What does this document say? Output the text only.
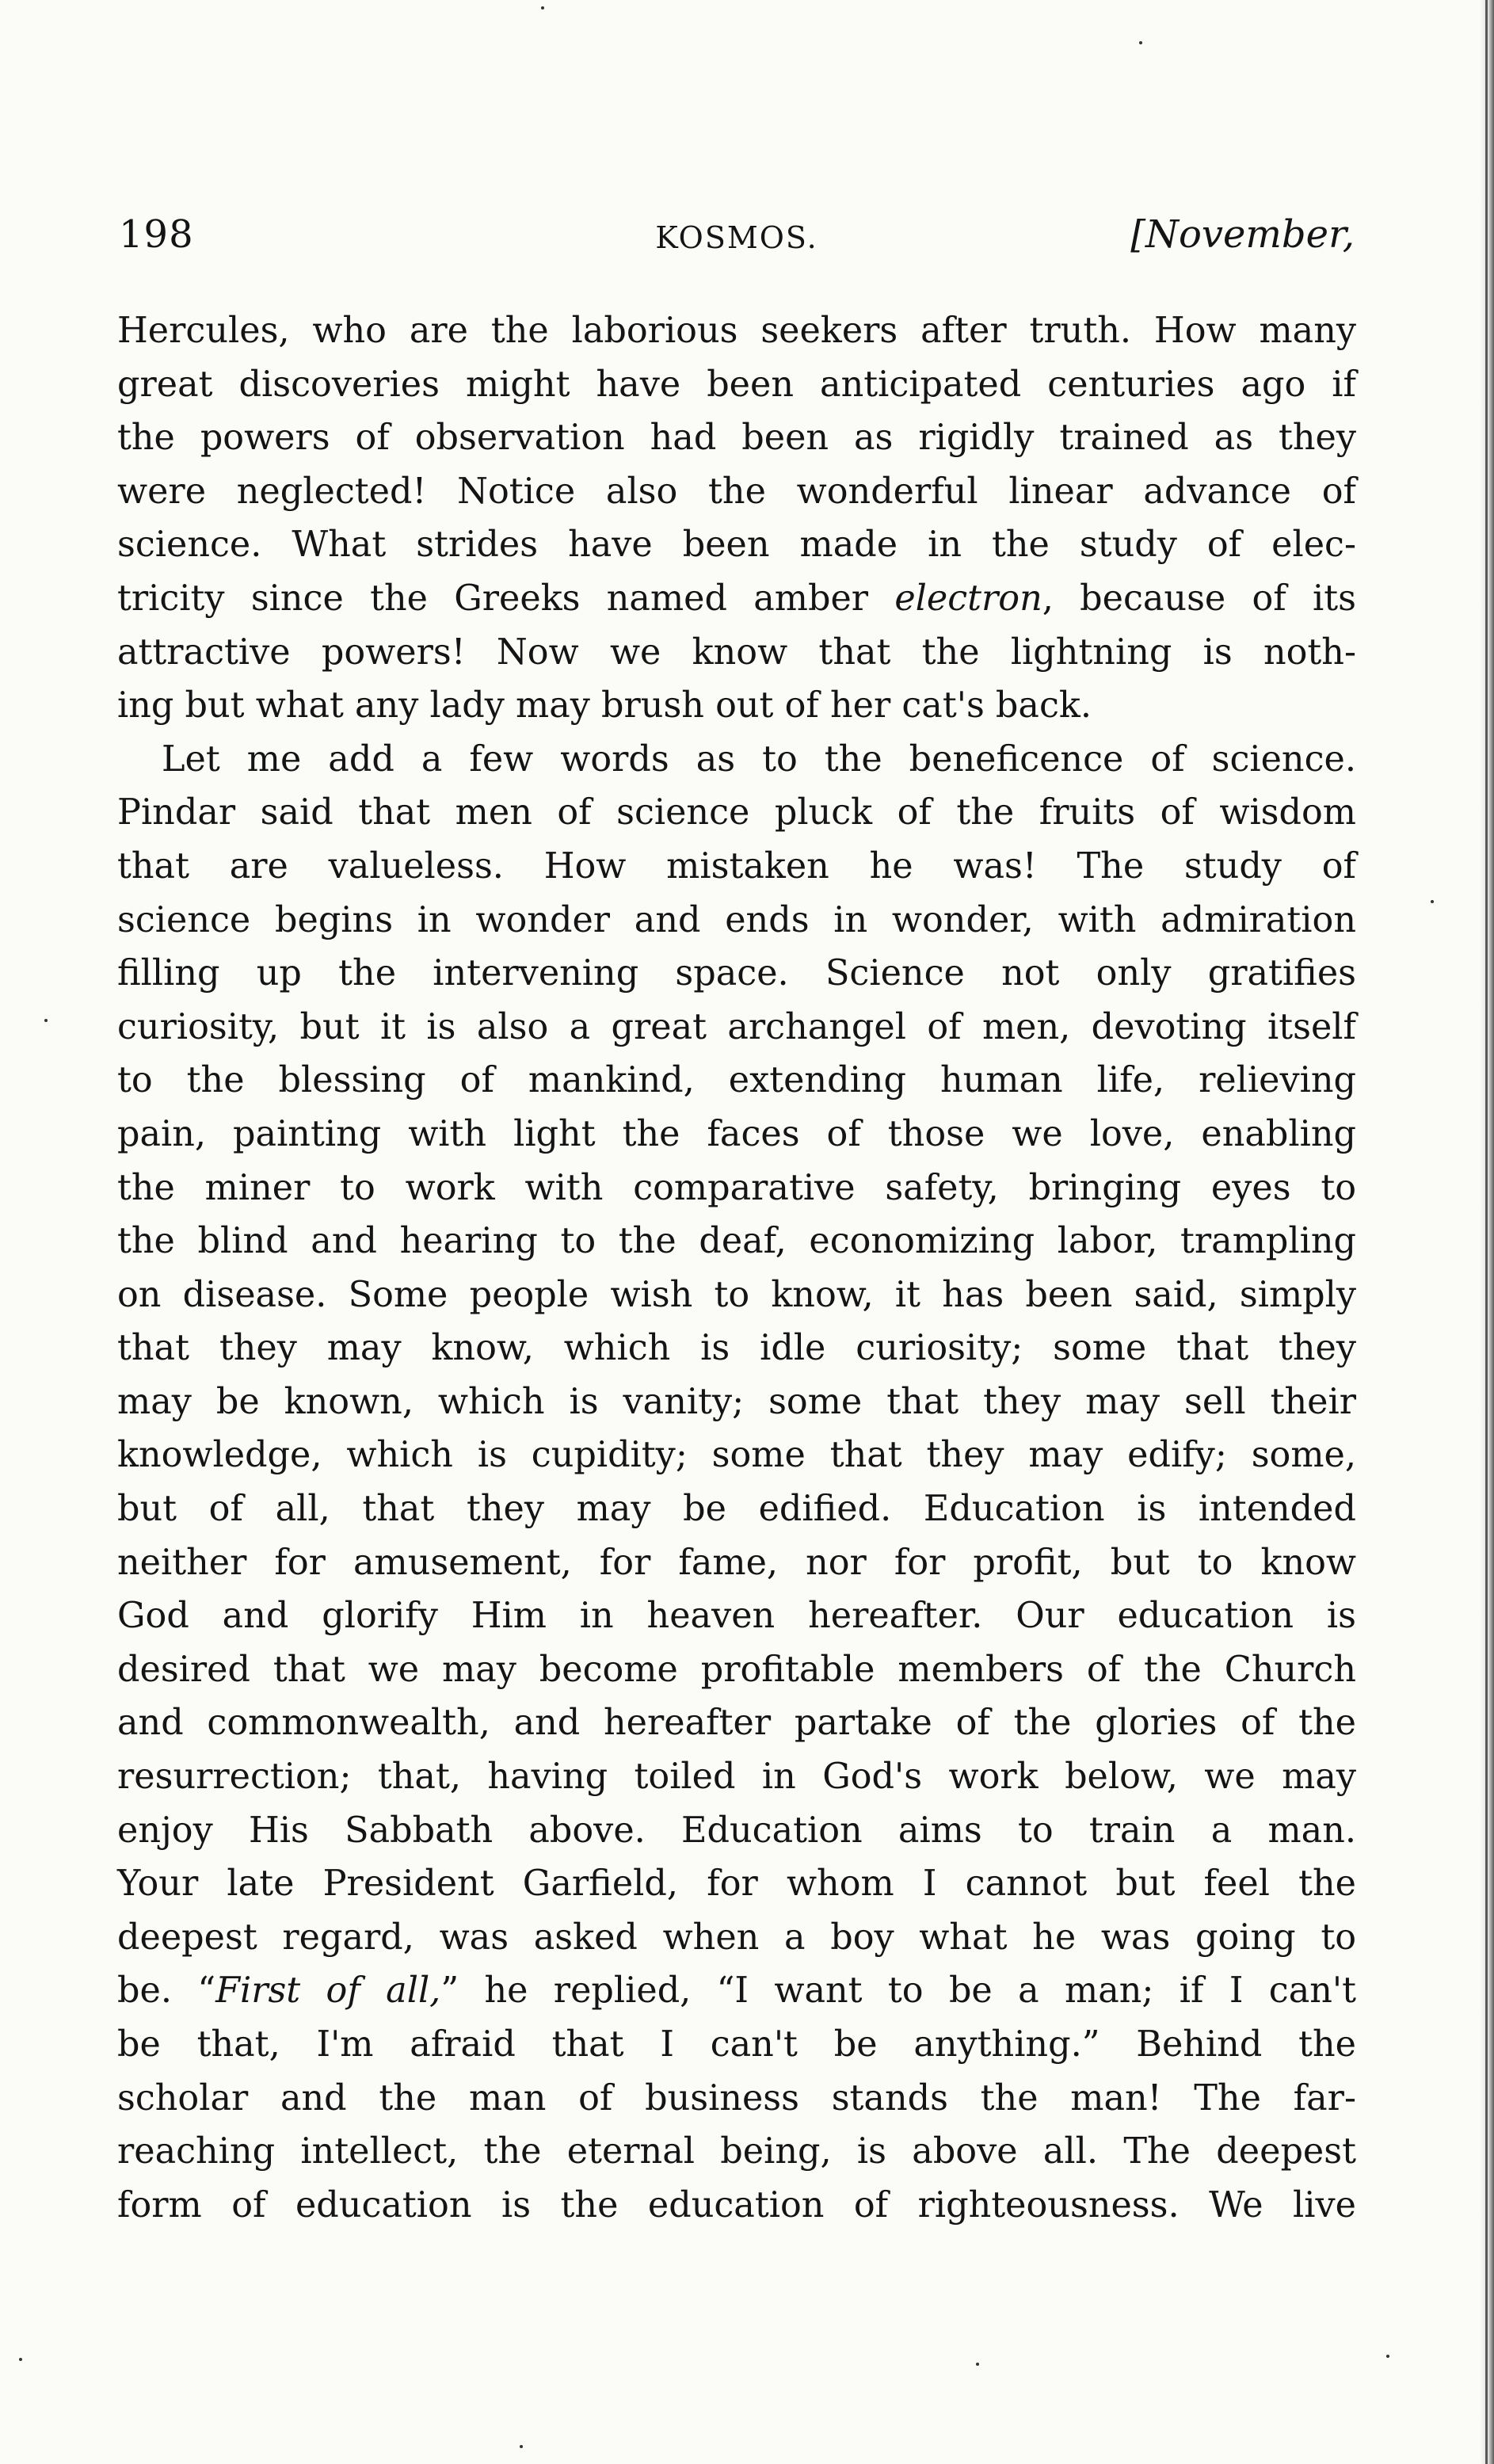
198	KOSMOS.	[November,
Hercules, who are the laborious seekers after truth. How many
great discoveries might have been anticipated centuries ago if
the powers of observation had been as rigidly trained as they
were neglected! Notice also the wonderful linear advance of
science. What strides have been made in the study of elec-
tricity since the Greeks named amber electron, because of its
attractive powers! Now we know that the lightning is noth-
ing but what any lady may brush out of her cat's back.
Let me add a few words as to the beneficence of science.
Pindar said that men of science pluck of the fruits of wisdom
that are valueless. How mistaken he was! The study of
science begins in wonder and ends in wonder, with admiration
filling up the intervening space. Science not only gratifies
curiosity, but it is also a great archangel of men, devoting itself
to the blessing of mankind, extending human life, relieving
pain, painting with light the faces of those we love, enabling
the miner to work with comparative safety, bringing eyes to
the blind and hearing to the deaf, economizing labor, trampling
on disease. Some people wish to know, it has been said, simply
that they may know, which is idle curiosity; some that they
may be known, which is vanity; some that they may sell their
knowledge, which is cupidity; some that they may edify; some,
but of all, that they may be edified. Education is intended
neither for amusement, for fame, nor for profit, but to know
God and glorify Him in heaven hereafter. Our education is
desired that we may become profitable members of the Church
and commonwealth, and hereafter partake of the glories of the
resurrection; that, having toiled in God's work below, we may
enjoy His Sabbath above. Education aims to train a man.
Your late President Garfield, for whom I cannot but feel the
deepest regard, was asked when a boy what he was going to
be. “First of all,” he replied, “I want to be a man; if I can't
be that, I'm afraid that I can't be anything.” Behind the
scholar and the man of business stands the man! The far-
reaching intellect, the eternal being, is above all. The deepest
form of education is the education of righteousness. We live
